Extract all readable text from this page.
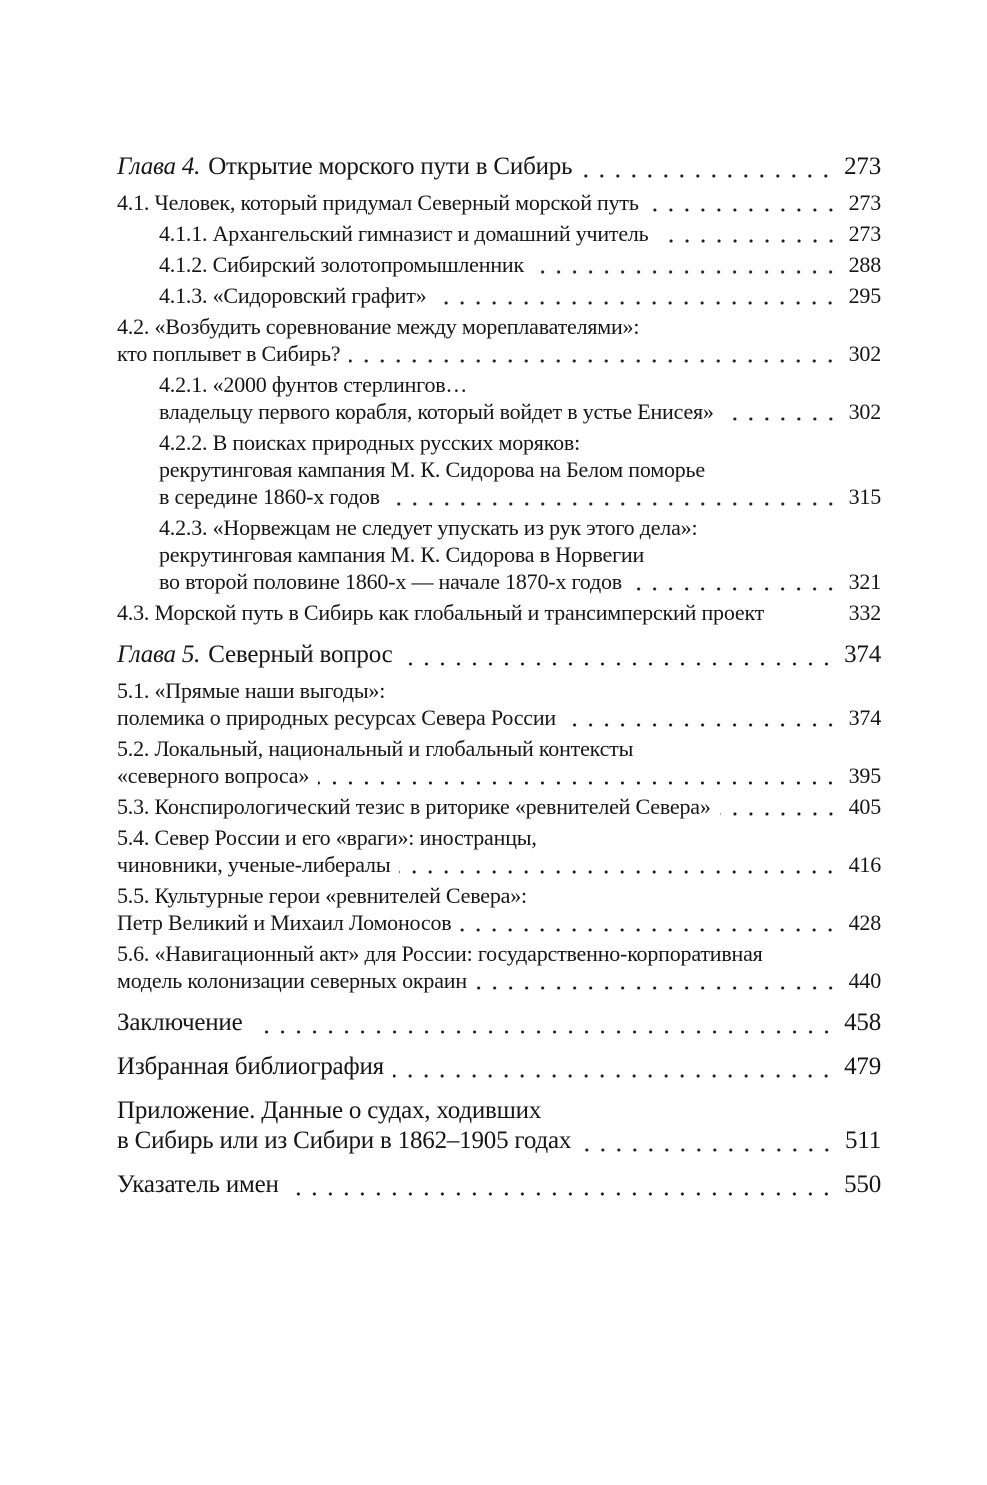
Глава 4. Открытие морского пути в Сибирь	273
4.1. Человек, который придумал Северный морской путь	273
4.1.1. Архангельский гимназист и домашний учитель	273
4.1.2. Сибирский золотопромышленник	288
4.1.3. «Сидоровский графит»	295
4.2. «Возбудить соревнование между мореплавателями»:
кто поплывет в Сибирь?	302
4.2.1. «2000 фунтов стерлингов…
владельцу первого корабля, который войдет в устье Енисея»	302
4.2.2. В поисках природных русских моряков:
рекрутинговая кампания М. К. Сидорова на Белом поморье
в середине 1860-х годов	315
4.2.3. «Норвежцам не следует упускать из рук этого дела»:
рекрутинговая кампания М. К. Сидорова в Норвегии
во второй половине 1860-х — начале 1870-х годов	321
4.3. Морской путь в Сибирь как глобальный и трансимперский проект	332
Глава 5. Северный вопрос	374
5.1. «Прямые наши выгоды»:
полемика о природных ресурсах Севера России	374
5.2. Локальный, национальный и глобальный контексты
«северного вопроса»	395
5.3. Конспирологический тезис в риторике «ревнителей Севера»	405
5.4. Север России и его «враги»: иностранцы,
чиновники, ученые-либералы	416
5.5. Культурные герои «ревнителей Севера»:
Петр Великий и Михаил Ломоносов	428
5.6. «Навигационный акт» для России: государственно-корпоративная
модель колонизации северных окраин	440
Заключение	458
Избранная библиография	479
Приложение. Данные о судах, ходивших
в Сибирь или из Сибири в 1862–1905 годах	511
Указатель имен	550
